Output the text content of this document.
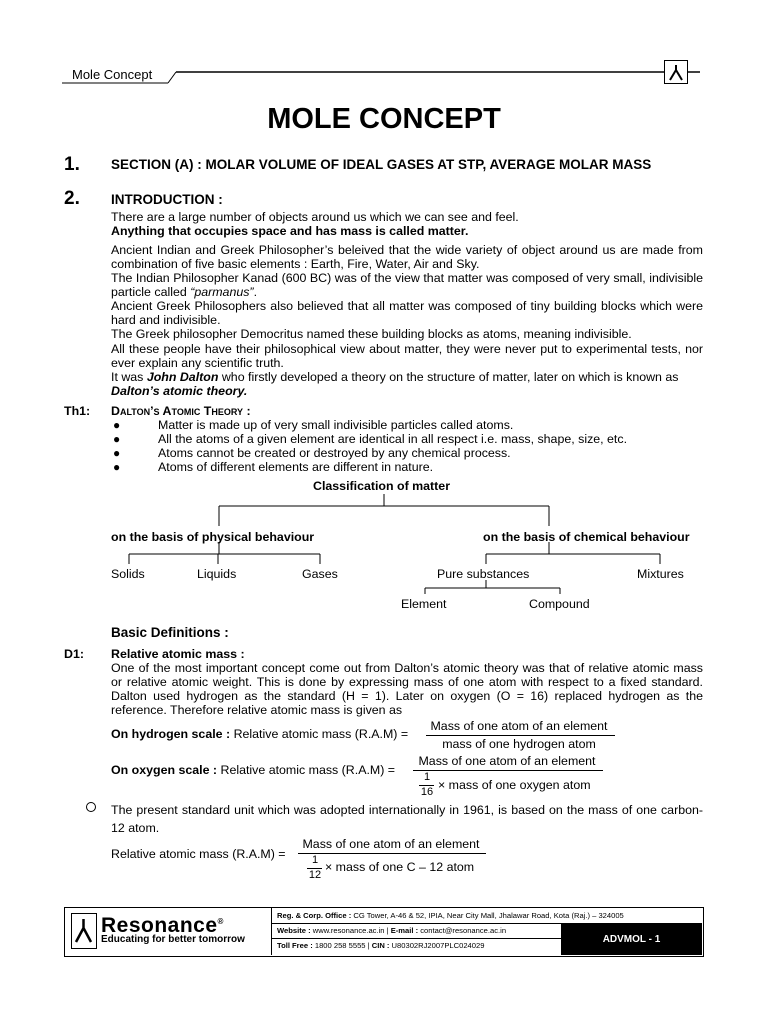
Mole Concept
MOLE CONCEPT
1. SECTION (A) : MOLAR VOLUME OF IDEAL GASES AT STP, AVERAGE MOLAR MASS
2. INTRODUCTION :
There are a large number of objects around us which we can see and feel.
Anything that occupies space and has mass is called matter.
Ancient Indian and Greek Philosopher’s beleived that the wide variety of object around us are made from combination of five basic elements : Earth, Fire, Water, Air and Sky.
The Indian Philosopher Kanad (600 BC) was of the view that matter was composed of very small, indivisible particle called “parmanus”.
Ancient Greek Philosophers also believed that all matter was composed of tiny building blocks which were hard and indivisible.
The Greek philosopher Democritus named these building blocks as atoms, meaning indivisible.
All these people have their philosophical view about matter, they were never put to experimental tests, nor ever explain any scientific truth.
It was John Dalton who firstly developed a theory on the structure of matter, later on which is known as
Dalton’s atomic theory.
Th1: Dalton’s Atomic Theory :
●	Matter is made up of very small indivisible particles called atoms.
●	All the atoms of a given element are identical in all respect i.e. mass, shape, size, etc.
●	Atoms cannot be created or destroyed by any chemical process.
●	Atoms of different elements are different in nature.
Classification of matter
on the basis of physical behaviour	on the basis of chemical behaviour
Solids	Liquids	Gases	Pure substances	Mixtures
Element	Compound
Basic Definitions :
D1: Relative atomic mass :
One of the most important concept come out from Dalton’s atomic theory was that of relative atomic mass or relative atomic weight. This is done by expressing mass of one atom with respect to a fixed standard. Dalton used hydrogen as the standard (H = 1). Later on oxygen (O = 16) replaced hydrogen as the reference. Therefore relative atomic mass is given as
On hydrogen scale : Relative atomic mass (R.A.M) =
Mass of one atom of an element
mass of one hydrogen atom
On oxygen scale : Relative atomic mass (R.A.M) =
Mass of one atom of an element
1
16 × mass of one oxygen atom
The present standard unit which was adopted internationally in 1961, is based on the mass of one carbon-12 atom.
Relative atomic mass (R.A.M) =
Mass of one atom of an element
1
12
× mass of one C – 12 atom
Resonance®
Educating for better tomorrow
Reg. & Corp. Office : CG Tower, A-46 & 52, IPIA, Near City Mall, Jhalawar Road, Kota (Raj.) – 324005
Website : www.resonance.ac.in | E-mail : contact@resonance.ac.in
Toll Free : 1800 258 5555 | CIN : U80302RJ2007PLC024029
ADVMOL - 1
